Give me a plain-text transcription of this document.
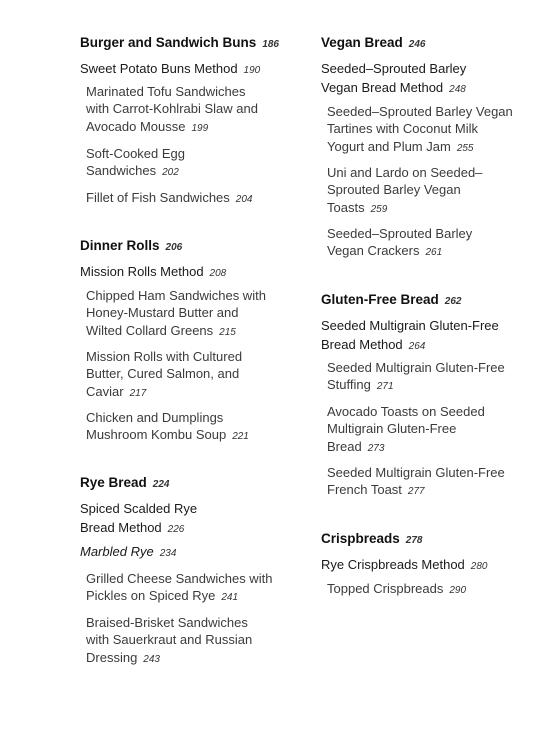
Burger and Sandwich Buns 186
Sweet Potato Buns Method 190
Marinated Tofu Sandwiches
with Carrot-Kohlrabi Slaw and
Avocado Mousse 199
Soft-Cooked Egg
Sandwiches 202
Fillet of Fish Sandwiches 204
Dinner Rolls 206
Mission Rolls Method 208
Chipped Ham Sandwiches with
Honey-Mustard Butter and
Wilted Collard Greens 215
Mission Rolls with Cultured
Butter, Cured Salmon, and
Caviar 217
Chicken and Dumplings
Mushroom Kombu Soup 221
Rye Bread 224
Spiced Scalded Rye
Bread Method 226
Marbled Rye 234
Grilled Cheese Sandwiches with
Pickles on Spiced Rye 241
Braised-Brisket Sandwiches
with Sauerkraut and Russian
Dressing 243
Vegan Bread 246
Seeded–Sprouted Barley
Vegan Bread Method 248
Seeded–Sprouted Barley Vegan
Tartines with Coconut Milk
Yogurt and Plum Jam 255
Uni and Lardo on Seeded–
Sprouted Barley Vegan
Toasts 259
Seeded–Sprouted Barley
Vegan Crackers 261
Gluten-Free Bread 262
Seeded Multigrain Gluten-Free
Bread Method 264
Seeded Multigrain Gluten-Free
Stuffing 271
Avocado Toasts on Seeded
Multigrain Gluten-Free
Bread 273
Seeded Multigrain Gluten-Free
French Toast 277
Crispbreads 278
Rye Crispbreads Method 280
Topped Crispbreads 290
